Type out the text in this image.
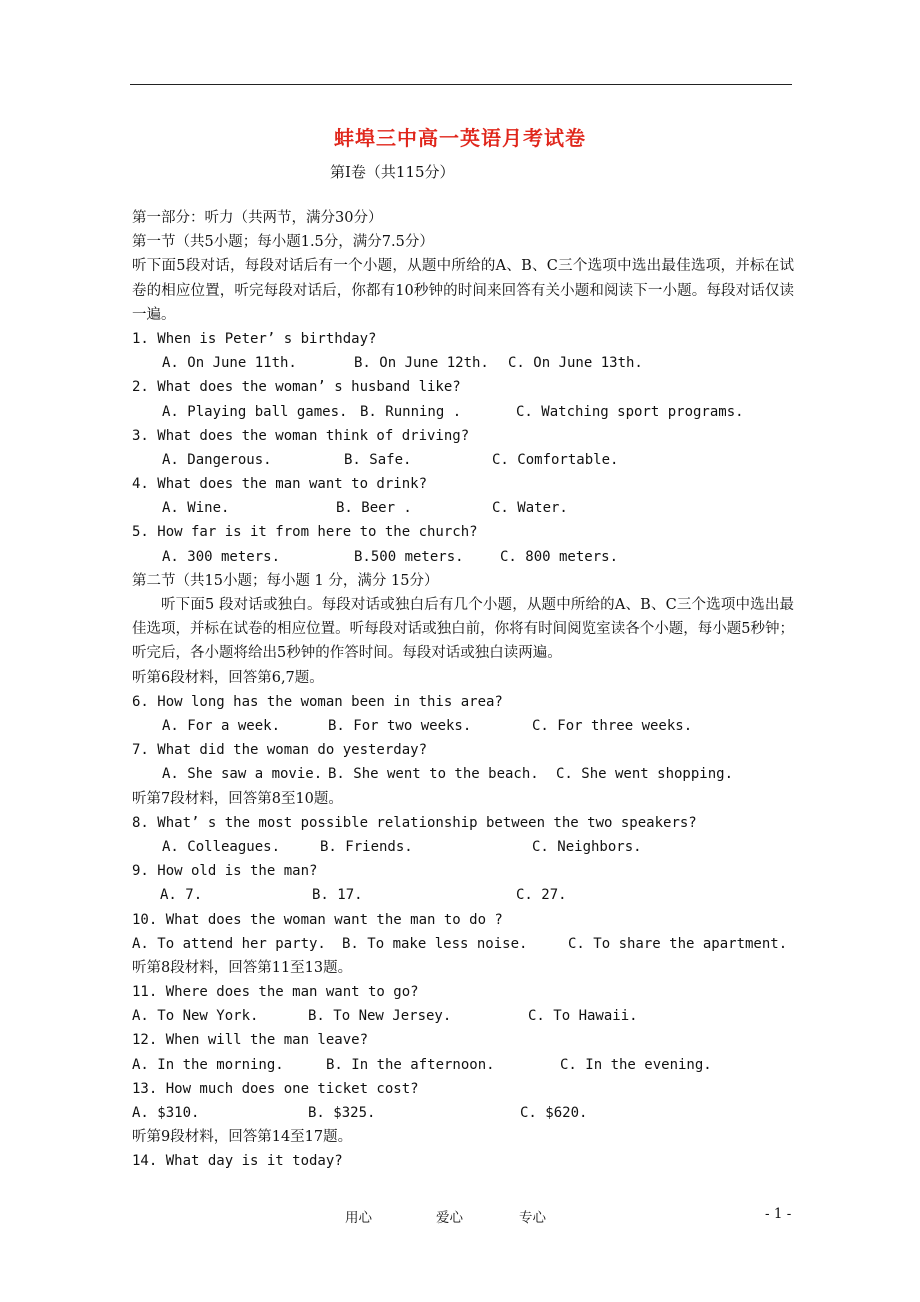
蚌埠三中高一英语月考试卷
第Ⅰ卷（共115分）
第一部分：听力（共两节，满分30分）
第一节（共5小题；每小题1.5分，满分7.5分）
听下面5段对话，每段对话后有一个小题，从题中所给的A、B、C三个选项中选出最佳选项，并标在试卷的相应位置，听完每段对话后，你都有10秒钟的时间来回答有关小题和阅读下一小题。每段对话仅读一遍。
1. When is Peter’ s birthday?
A. On June 11th.	B. On June 12th. C. On June 13th.
2. What does the woman’ s husband like?
A. Playing ball games. B. Running .	C. Watching sport programs.
3. What does the woman think of driving?
A. Dangerous.	B. Safe.	C. Comfortable.
4. What does the man want to drink?
A. Wine.	B. Beer .	C. Water.
5. How far is it from here to the church?
A. 300 meters.	B.500 meters.	C. 800 meters.
第二节（共15小题；每小题 1 分，满分 15分）
听下面5 段对话或独白。每段对话或独白后有几个小题，从题中所给的A、B、C三个选项中选出最佳选项，并标在试卷的相应位置。听每段对话或独白前，你将有时间阅览室读各个小题，每小题5秒钟；听完后，各小题将给出5秒钟的作答时间。每段对话或独白读两遍。
听第6段材料，回答第6,7题。
6. How long has the woman been in this area?
A. For a week.	B. For two weeks.	C. For three weeks.
7. What did the woman do yesterday?
A. She saw a movie. B. She went to the beach. C. She went shopping.
听第7段材料，回答第8至10题。
8. What’ s the most possible relationship between the two speakers?
A. Colleagues.	B. Friends.	C. Neighbors.
9. How old is the man?
A. 7.	B. 17.	C. 27.
10. What does the woman want the man to do ?
A. To attend her party. B. To make less noise.	C. To share the apartment.
听第8段材料，回答第11至13题。
11. Where does the man want to go?
A. To New York.	B. To New Jersey.	C. To Hawaii.
12. When will the man leave?
A. In the morning.	B. In the afternoon.	C. In the evening.
13. How much does one ticket cost?
A. $310.	B. $325.	C. $620.
听第9段材料，回答第14至17题。
14. What day is it today?
用心	爱心	专心	- 1 -
